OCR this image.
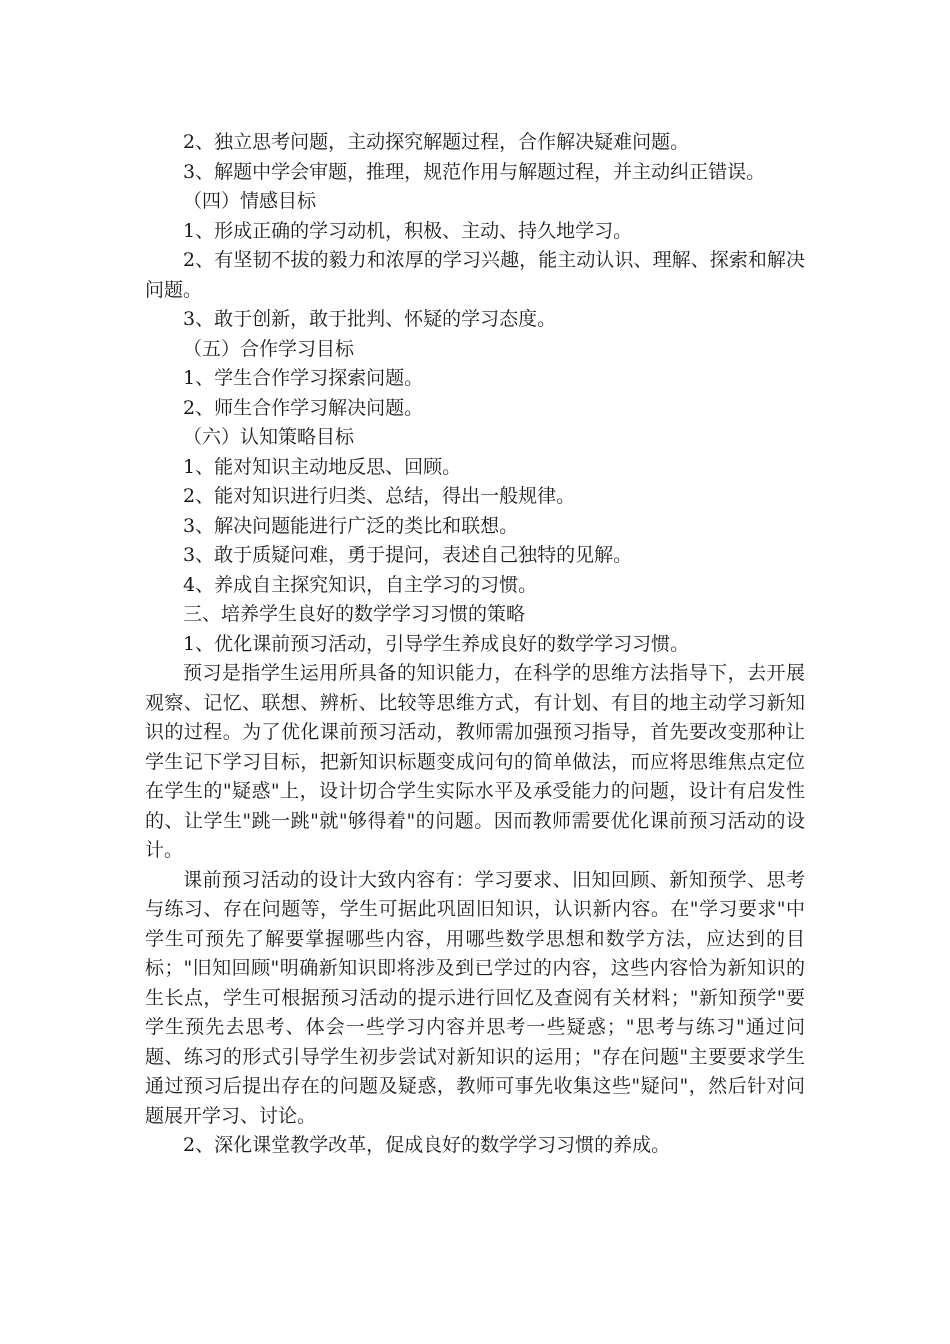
2、独立思考问题，主动探究解题过程，合作解决疑难问题。

3、解题中学会审题，推理，规范作用与解题过程，并主动纠正错误。

（四）情感目标

1、形成正确的学习动机，积极、主动、持久地学习。

2、有坚韧不拔的毅力和浓厚的学习兴趣，能主动认识、理解、探索和解决问题。

3、敢于创新，敢于批判、怀疑的学习态度。

（五）合作学习目标

1、学生合作学习探索问题。

2、师生合作学习解决问题。

（六）认知策略目标

1、能对知识主动地反思、回顾。

2、能对知识进行归类、总结，得出一般规律。

3、解决问题能进行广泛的类比和联想。

3、敢于质疑问难，勇于提问，表述自己独特的见解。

4、养成自主探究知识，自主学习的习惯。

三、培养学生良好的数学学习习惯的策略

1、优化课前预习活动，引导学生养成良好的数学学习习惯。

预习是指学生运用所具备的知识能力，在科学的思维方法指导下，去开展观察、记忆、联想、辨析、比较等思维方式，有计划、有目的地主动学习新知识的过程。为了优化课前预习活动，教师需加强预习指导，首先要改变那种让学生记下学习目标，把新知识标题变成问句的简单做法，而应将思维焦点定位在学生的"疑惑"上，设计切合学生实际水平及承受能力的问题，设计有启发性的、让学生"跳一跳"就"够得着"的问题。因而教师需要优化课前预习活动的设计。

课前预习活动的设计大致内容有：学习要求、旧知回顾、新知预学、思考与练习、存在问题等，学生可据此巩固旧知识，认识新内容。在"学习要求"中学生可预先了解要掌握哪些内容，用哪些数学思想和数学方法，应达到的目标；"旧知回顾"明确新知识即将涉及到已学过的内容，这些内容恰为新知识的生长点，学生可根据预习活动的提示进行回忆及查阅有关材料；"新知预学"要学生预先去思考、体会一些学习内容并思考一些疑惑；"思考与练习"通过问题、练习的形式引导学生初步尝试对新知识的运用；"存在问题"主要要求学生通过预习后提出存在的问题及疑惑，教师可事先收集这些"疑问"，然后针对问题展开学习、讨论。

2、深化课堂教学改革，促成良好的数学学习习惯的养成。
